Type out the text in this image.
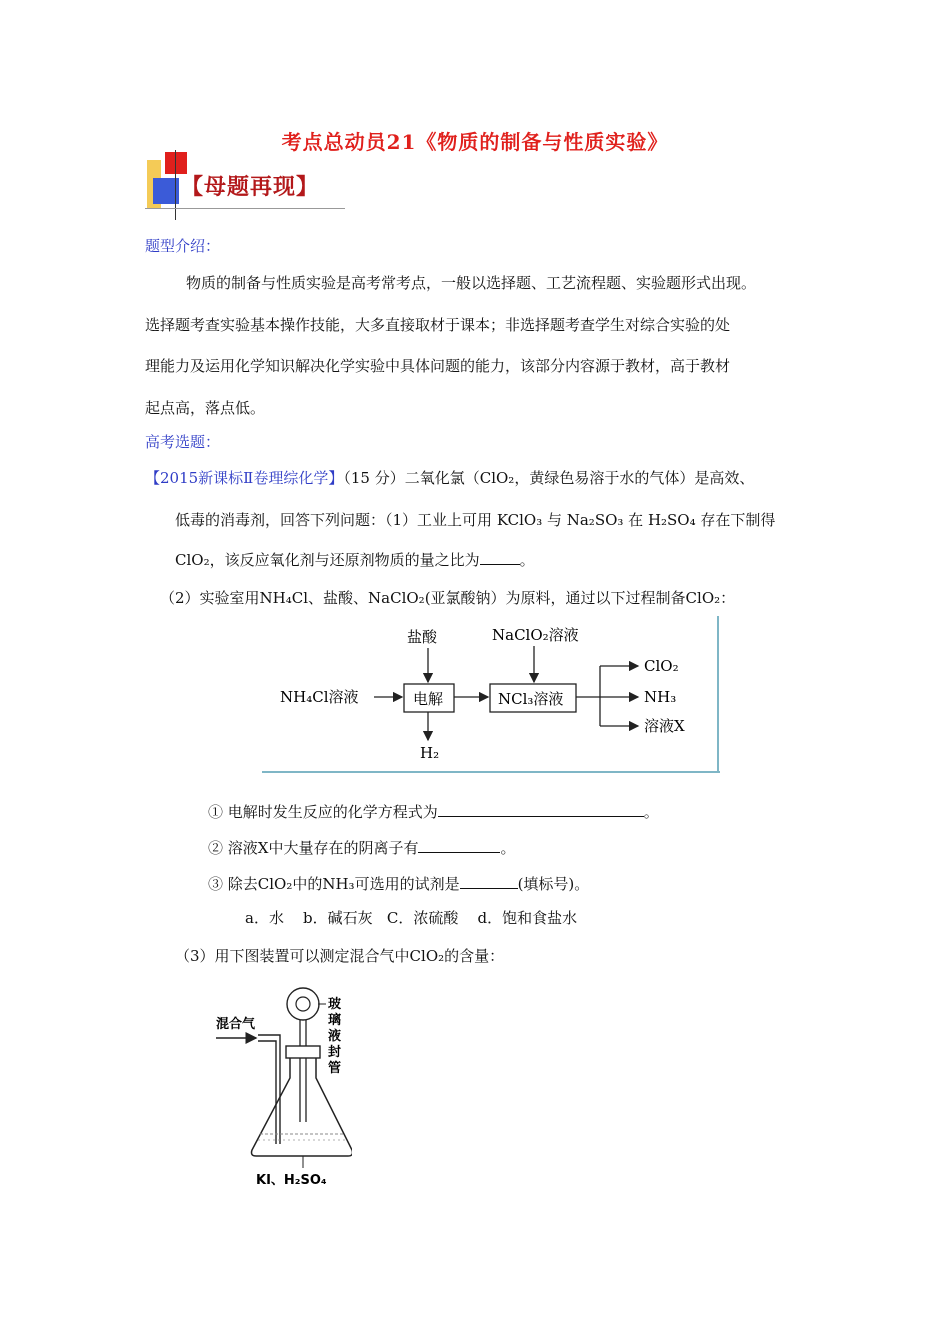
考点总动员21《物质的制备与性质实验》
【母题再现】
题型介绍：
物质的制备与性质实验是高考常考点，一般以选择题、工艺流程题、实验题形式出现。
选择题考查实验基本操作技能，大多直接取材于课本；非选择题考查学生对综合实验的处
理能力及运用化学知识解决化学实验中具体问题的能力，该部分内容源于教材，高于教材
起点高，落点低。
高考选题：
【2015新课标Ⅱ卷理综化学】（15 分）二氧化氯（ClO₂，黄绿色易溶于水的气体）是高效、
低毒的消毒剂，回答下列问题：（1）工业上可用 KClO₃ 与 Na₂SO₃ 在 H₂SO₄ 存在下制得
ClO₂，该反应氧化剂与还原剂物质的量之比为	。
（2）实验室用NH₄Cl、盐酸、NaClO₂(亚氯酸钠）为原料，通过以下过程制备ClO₂：
盐酸	NaClO₂溶液
NH₄Cl溶液	电解	NCl₃溶液
H₂
ClO₂
NH₃
溶液X
① 电解时发生反应的化学方程式为	。
② 溶液X中大量存在的阴离子有	。
③ 除去ClO₂中的NH₃可选用的试剂是	(填标号)。
a．水    b．碱石灰   C．浓硫酸    d．饱和食盐水
（3）用下图装置可以测定混合气中ClO₂的含量：
混合气
KI、H₂SO₄
玻
璃
液
封
管
